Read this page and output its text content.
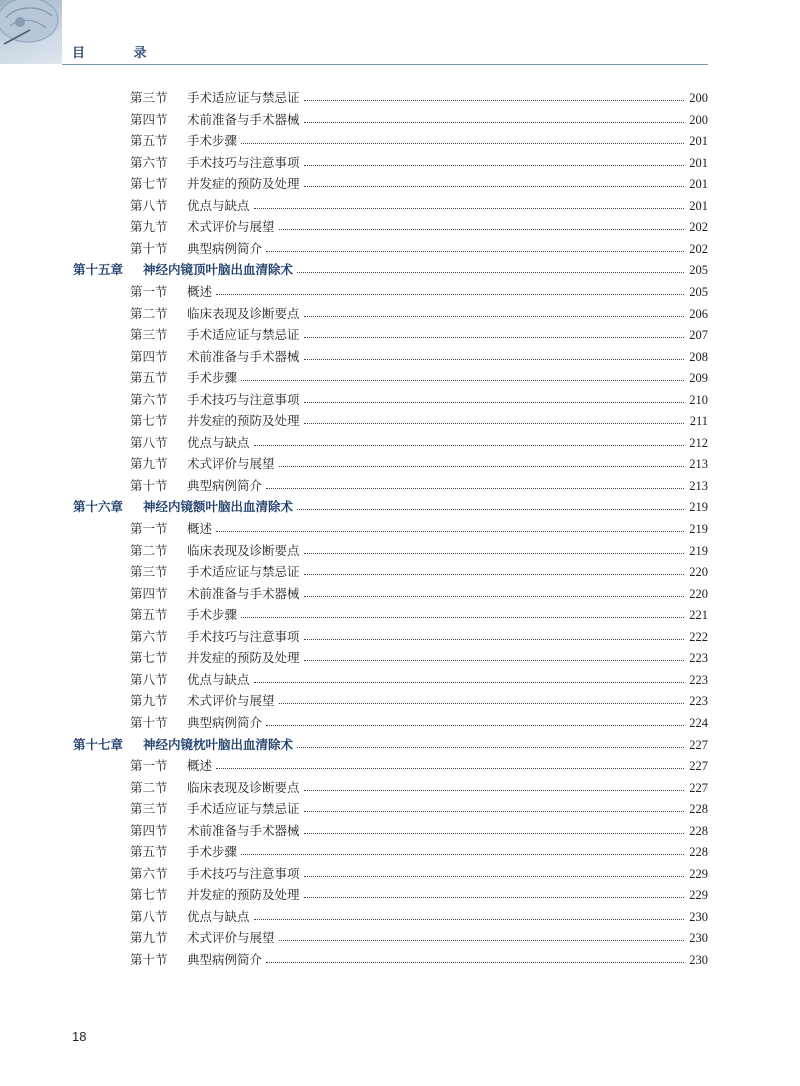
目 录
第三节 手术适应证与禁忌证	200
第四节 术前准备与手术器械	200
第五节 手术步骤	201
第六节 手术技巧与注意事项	201
第七节 并发症的预防及处理	201
第八节 优点与缺点	201
第九节 术式评价与展望	202
第十节 典型病例简介	202
第十五章 神经内镜顶叶脑出血清除术	205
第一节 概述	205
第二节 临床表现及诊断要点	206
第三节 手术适应证与禁忌证	207
第四节 术前准备与手术器械	208
第五节 手术步骤	209
第六节 手术技巧与注意事项	210
第七节 并发症的预防及处理	211
第八节 优点与缺点	212
第九节 术式评价与展望	213
第十节 典型病例简介	213
第十六章 神经内镜额叶脑出血清除术	219
第一节 概述	219
第二节 临床表现及诊断要点	219
第三节 手术适应证与禁忌证	220
第四节 术前准备与手术器械	220
第五节 手术步骤	221
第六节 手术技巧与注意事项	222
第七节 并发症的预防及处理	223
第八节 优点与缺点	223
第九节 术式评价与展望	223
第十节 典型病例简介	224
第十七章 神经内镜枕叶脑出血清除术	227
第一节 概述	227
第二节 临床表现及诊断要点	227
第三节 手术适应证与禁忌证	228
第四节 术前准备与手术器械	228
第五节 手术步骤	228
第六节 手术技巧与注意事项	229
第七节 并发症的预防及处理	229
第八节 优点与缺点	230
第九节 术式评价与展望	230
第十节 典型病例简介	230
18
